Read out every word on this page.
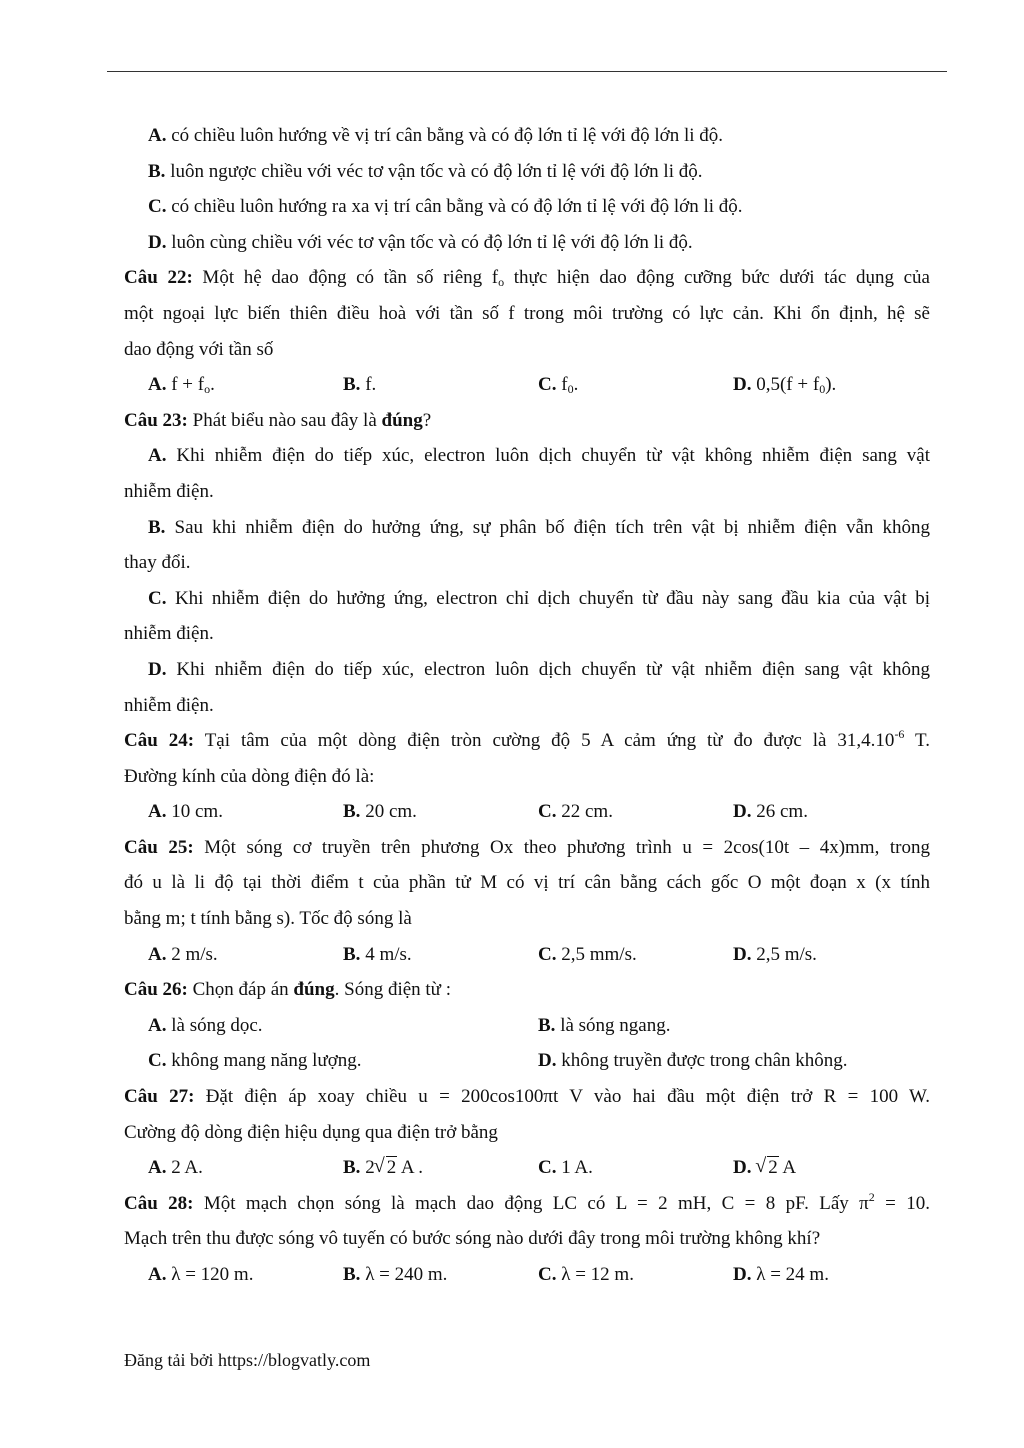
A. có chiều luôn hướng về vị trí cân bằng và có độ lớn tỉ lệ với độ lớn li độ.
B. luôn ngược chiều với véc tơ vận tốc và có độ lớn tỉ lệ với độ lớn li độ.
C. có chiều luôn hướng ra xa vị trí cân bằng và có độ lớn tỉ lệ với độ lớn li độ.
D. luôn cùng chiều với véc tơ vận tốc và có độ lớn tỉ lệ với độ lớn li độ.
Câu 22: Một hệ dao động có tần số riêng $f_o$ thực hiện dao động cưỡng bức dưới tác dụng của
một ngoại lực biến thiên điều hoà với tần số f trong môi trường có lực cản. Khi ổn định, hệ sẽ
dao động với tần số
A. $f + f_o$.	B. f.	C. $f_0$.	D. $0,5(f + f_0)$.
Câu 23: Phát biểu nào sau đây là đúng?
A. Khi nhiễm điện do tiếp xúc, electron luôn dịch chuyển từ vật không nhiễm điện sang vật
nhiễm điện.
B. Sau khi nhiễm điện do hưởng ứng, sự phân bố điện tích trên vật bị nhiễm điện vẫn không
thay đổi.
C. Khi nhiễm điện do hưởng ứng, electron chỉ dịch chuyển từ đầu này sang đầu kia của vật bị
nhiễm điện.
D. Khi nhiễm điện do tiếp xúc, electron luôn dịch chuyển từ vật nhiễm điện sang vật không
nhiễm điện.
Câu 24: Tại tâm của một dòng điện tròn cường độ 5 A cảm ứng từ đo được là $31,4.10^{-6}$ T.
Đường kính của dòng điện đó là:
A. 10 cm.	B. 20 cm.	C. 22 cm.	D. 26 cm.
Câu 25: Một sóng cơ truyền trên phương Ox theo phương trình u = 2cos(10t – 4x)mm, trong
đó u là li độ tại thời điểm t của phần tử M có vị trí cân bằng cách gốc O một đoạn x (x tính
bằng m; t tính bằng s). Tốc độ sóng là
A. 2 m/s.	B. 4 m/s.	C. 2,5 mm/s.	D. 2,5 m/s.
Câu 26: Chọn đáp án đúng. Sóng điện từ :
A. là sóng dọc.	B. là sóng ngang.
C. không mang năng lượng.	D. không truyền được trong chân không.
Câu 27: Đặt điện áp xoay chiều u = 200cos100πt V vào hai đầu một điện trở R = 100 W.
Cường độ dòng điện hiệu dụng qua điện trở bằng
A. 2 A.	B. 2 √ 2 A .	C. 1 A.	D. √ 2 A
Câu 28: Một mạch chọn sóng là mạch dao động LC có L = 2 mH, C = 8 pF. Lấy $\pi^2 = 10$.
Mạch trên thu được sóng vô tuyến có bước sóng nào dưới đây trong môi trường không khí?
A. λ = 120 m.	B. λ = 240 m.	C. λ = 12 m.	D. λ = 24 m.
Đăng tải bởi https://blogvatly.com
